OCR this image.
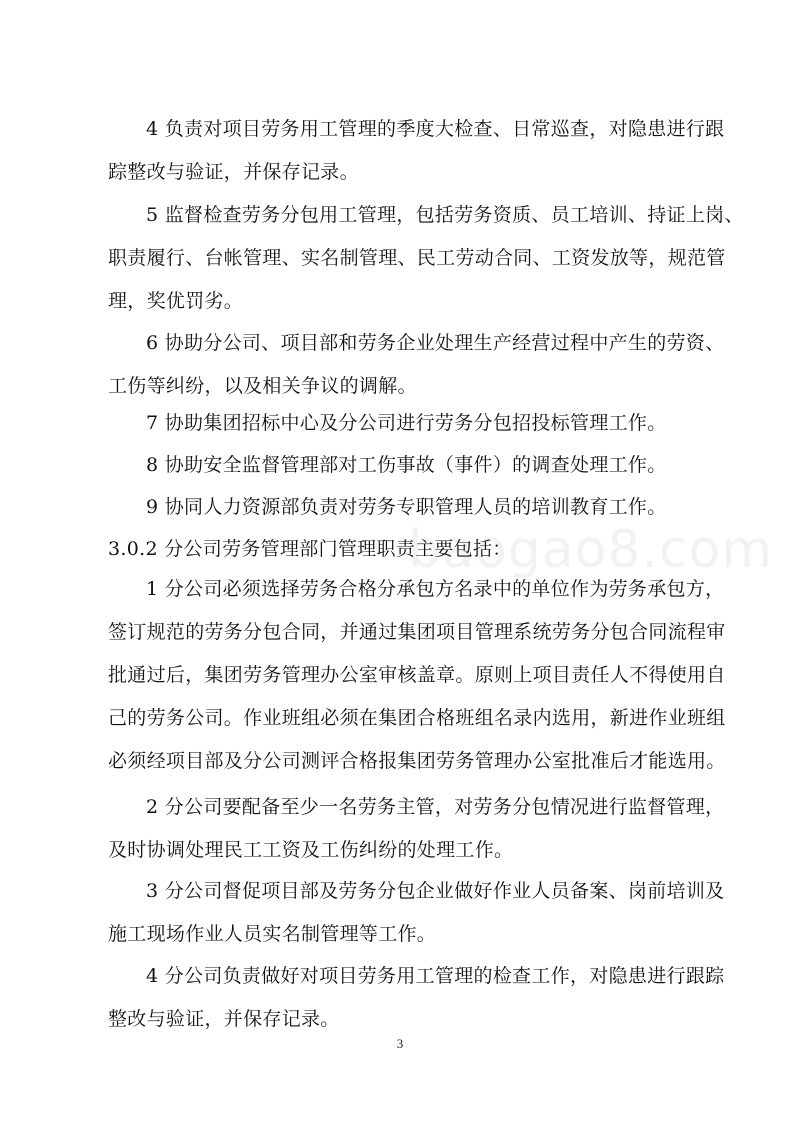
4 负责对项目劳务用工管理的季度大检查、日常巡查，对隐患进行跟
踪整改与验证，并保存记录。
5 监督检查劳务分包用工管理，包括劳务资质、员工培训、持证上岗、
职责履行、台帐管理、实名制管理、民工劳动合同、工资发放等，规范管
理，奖优罚劣。
6 协助分公司、项目部和劳务企业处理生产经营过程中产生的劳资、
工伤等纠纷，以及相关争议的调解。
7 协助集团招标中心及分公司进行劳务分包招投标管理工作。
8 协助安全监督管理部对工伤事故（事件）的调查处理工作。
9 协同人力资源部负责对劳务专职管理人员的培训教育工作。
3.0.2 分公司劳务管理部门管理职责主要包括：
1 分公司必须选择劳务合格分承包方名录中的单位作为劳务承包方，
签订规范的劳务分包合同，并通过集团项目管理系统劳务分包合同流程审
批通过后，集团劳务管理办公室审核盖章。原则上项目责任人不得使用自
己的劳务公司。作业班组必须在集团合格班组名录内选用，新进作业班组
必须经项目部及分公司测评合格报集团劳务管理办公室批准后才能选用。
2 分公司要配备至少一名劳务主管，对劳务分包情况进行监督管理，
及时协调处理民工工资及工伤纠纷的处理工作。
3 分公司督促项目部及劳务分包企业做好作业人员备案、岗前培训及
施工现场作业人员实名制管理等工作。
4 分公司负责做好对项目劳务用工管理的检查工作，对隐患进行跟踪
整改与验证，并保存记录。
baogao8.com
3
